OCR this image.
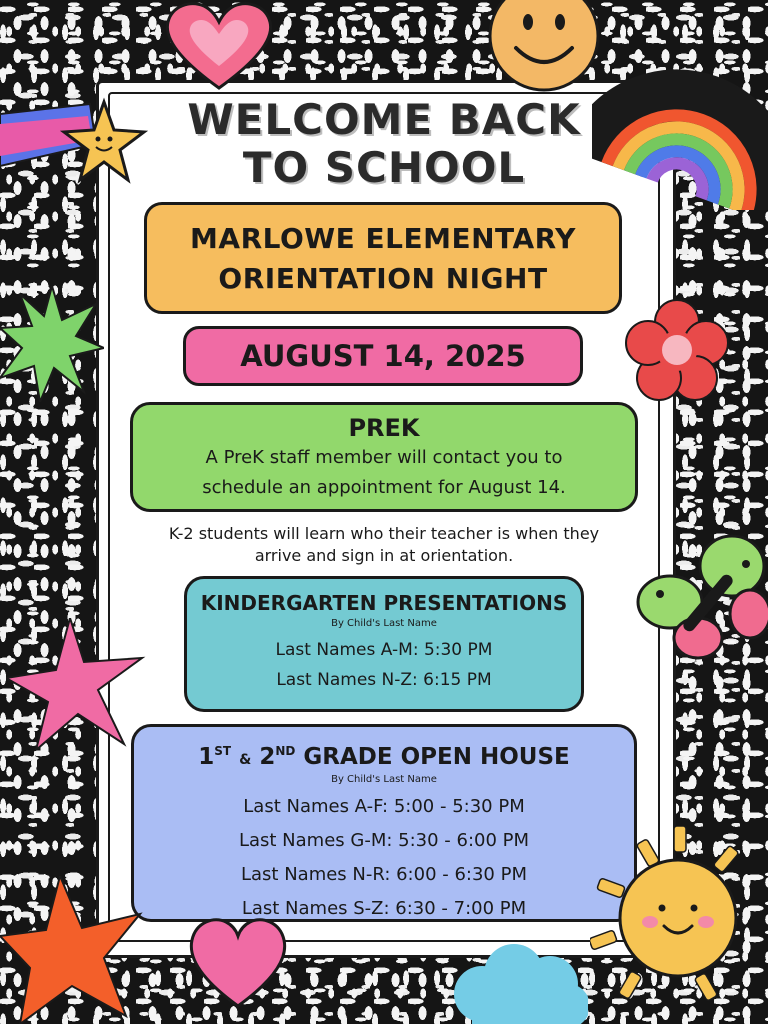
WELCOME BACK
TO SCHOOL
MARLOWE ELEMENTARY
ORIENTATION NIGHT
AUGUST 14, 2025
PREK
A PreK staff member will contact you to
schedule an appointment for August 14.

K-2 students will learn who their teacher is when they
arrive and sign in at orientation.

KINDERGARTEN PRESENTATIONS
By Child's Last Name
Last Names A-M: 5:30 PM
Last Names N-Z: 6:15 PM
1ST & 2ND GRADE OPEN HOUSE
By Child's Last Name
Last Names A-F: 5:00 - 5:30 PM
Last Names G-M: 5:30 - 6:00 PM
Last Names N-R: 6:00 - 6:30 PM
Last Names S-Z: 6:30 - 7:00 PM
